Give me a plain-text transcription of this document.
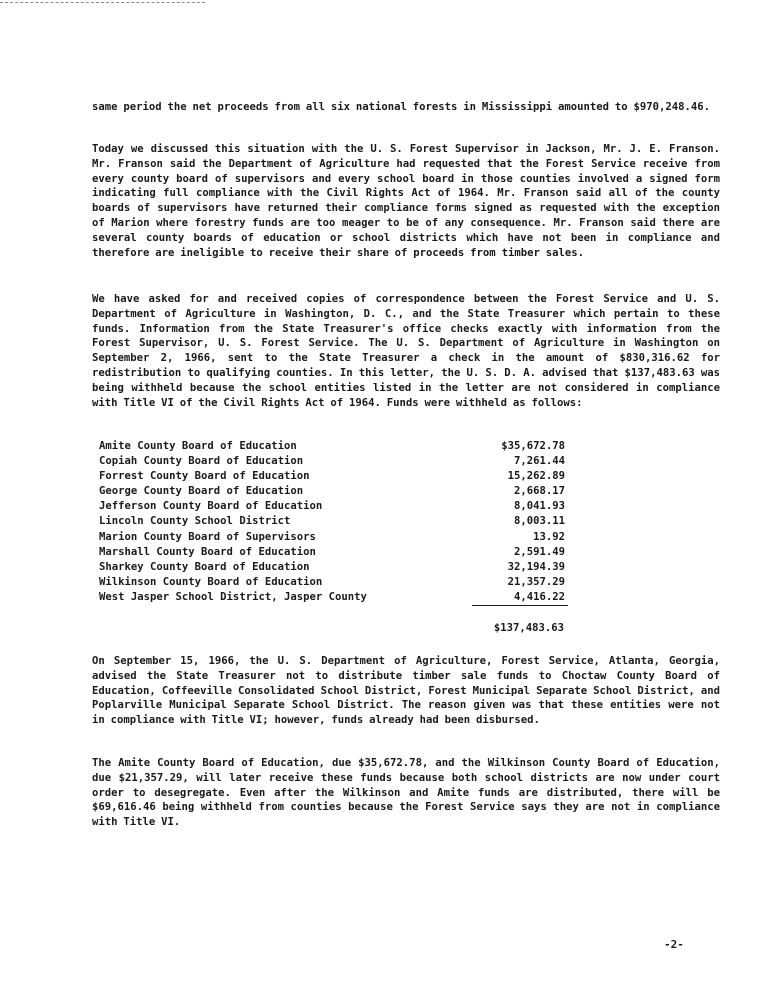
same period the net proceeds from all six national forests in Mississippi amounted to $970,248.46.

Today we discussed this situation with the U. S. Forest Supervisor in Jackson, Mr. J. E. Franson. Mr. Franson said the Department of Agriculture had requested that the Forest Service receive from every county board of supervisors and every school board in those counties involved a signed form indicating full compliance with the Civil Rights Act of 1964. Mr. Franson said all of the county boards of supervisors have returned their compliance forms signed as requested with the exception of Marion where forestry funds are too meager to be of any consequence. Mr. Franson said there are several county boards of education or school districts which have not been in compliance and therefore are ineligible to receive their share of proceeds from timber sales.

We have asked for and received copies of correspondence between the Forest Service and U. S. Department of Agriculture in Washington, D. C., and the State Treasurer which pertain to these funds. Information from the State Treasurer's office checks exactly with information from the Forest Supervisor, U. S. Forest Service. The U. S. Department of Agriculture in Washington on September 2, 1966, sent to the State Treasurer a check in the amount of $830,316.62 for redistribution to qualifying counties. In this letter, the U. S. D. A. advised that $137,483.63 was being withheld because the school entities listed in the letter are not considered in compliance with Title VI of the Civil Rights Act of 1964. Funds were withheld as follows:

Amite County Board of Education	$35,672.78
Copiah County Board of Education	7,261.44
Forrest County Board of Education	15,262.89
George County Board of Education	2,668.17
Jefferson County Board of Education	8,041.93
Lincoln County School District	8,003.11
Marion County Board of Supervisors	13.92
Marshall County Board of Education	2,591.49
Sharkey County Board of Education	32,194.39
Wilkinson County Board of Education	21,357.29
West Jasper School District, Jasper County	4,416.22
$137,483.63

On September 15, 1966, the U. S. Department of Agriculture, Forest Service, Atlanta, Georgia, advised the State Treasurer not to distribute timber sale funds to Choctaw County Board of Education, Coffeeville Consolidated School District, Forest Municipal Separate School District, and Poplarville Municipal Separate School District. The reason given was that these entities were not in compliance with Title VI; however, funds already had been disbursed.

The Amite County Board of Education, due $35,672.78, and the Wilkinson County Board of Education, due $21,357.29, will later receive these funds because both school districts are now under court order to desegregate. Even after the Wilkinson and Amite funds are distributed, there will be $69,616.46 being withheld from counties because the Forest Service says they are not in compliance with Title VI.

-2-
